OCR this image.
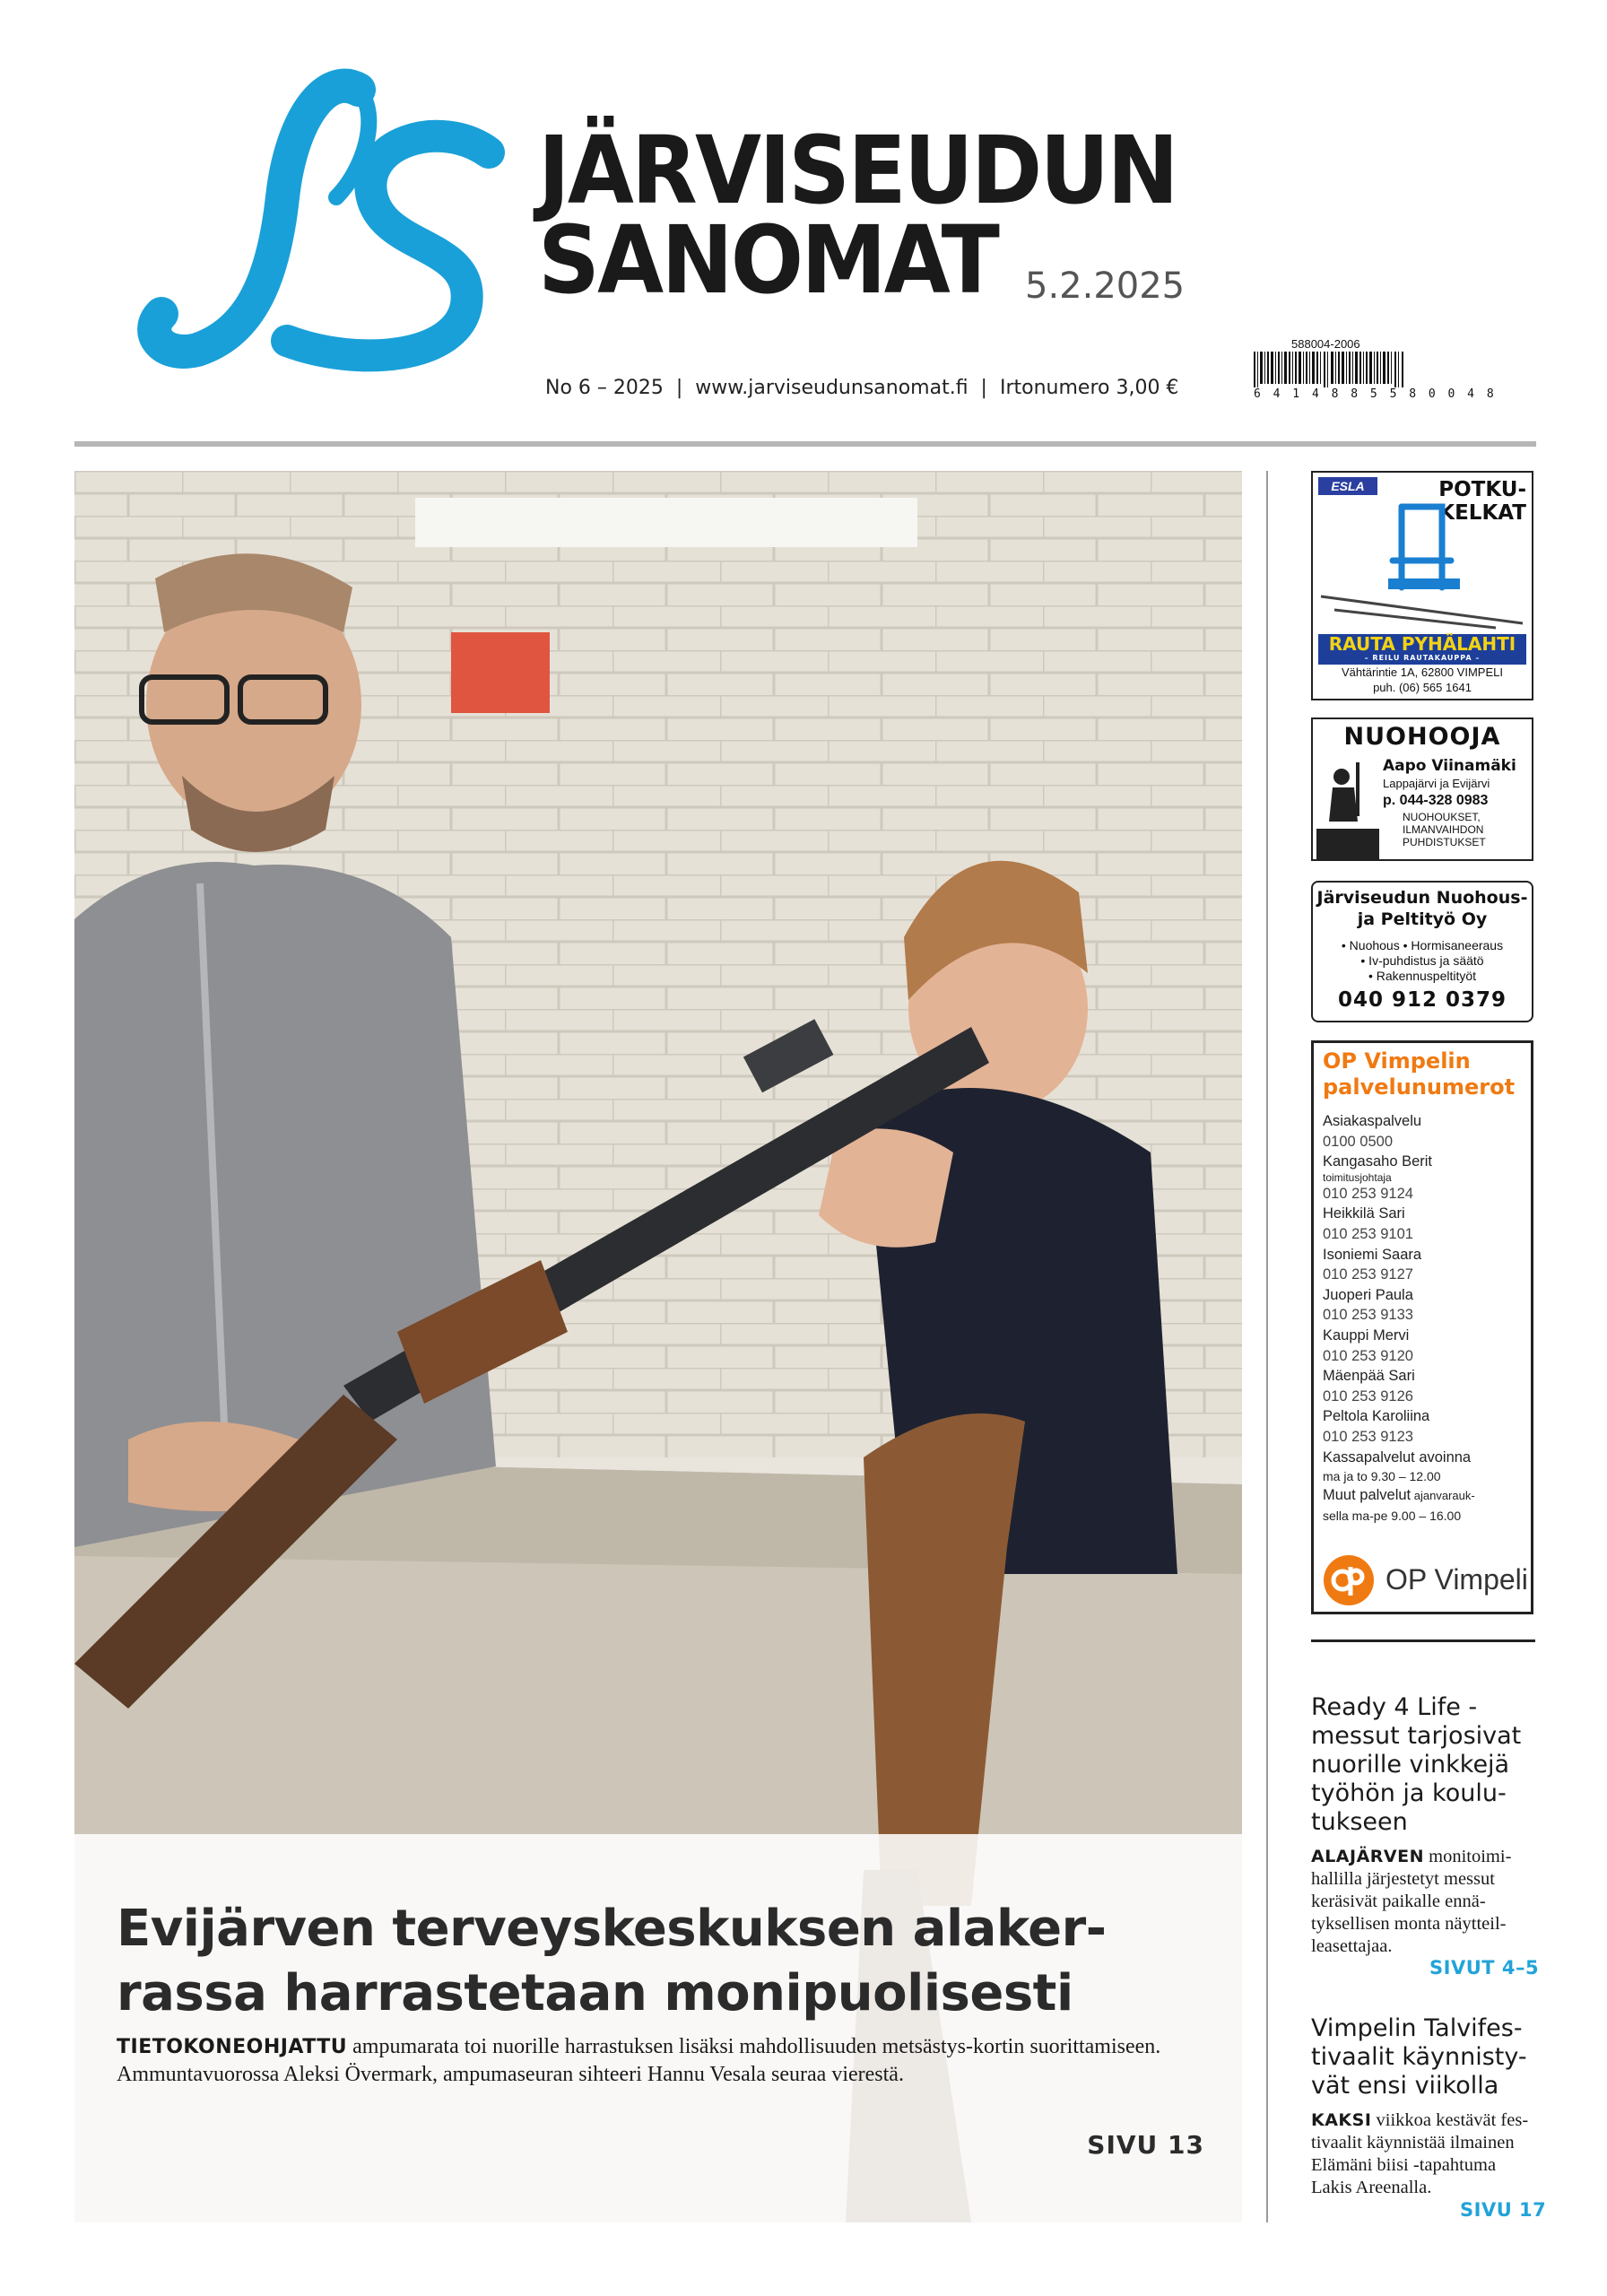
JÄRVISEUDUN
SANOMAT 5.2.2025
No 6 – 2025  |  www.jarviseudunsanomat.fi  |  Irtonumero 3,00 €
588004-2006
6 4 1 4 8 8 5 5 8 0 0 4 8
Evijärven terveyskeskuksen alaker-rassa harrastetaan monipuolisesti
TIETOKONEOHJATTU ampumarata toi nuorille harrastuksen lisäksi mahdollisuuden metsästys-kortin suorittamiseen. Ammuntavuorossa Aleksi Övermark, ampumaseuran sihteeri Hannu Vesala seuraa vierestä.
SIVU 13
ESLA	POTKU-
KELKAT
RAUTA PYHÄLAHTI
– REILU RAUTAKAUPPA –
Vähtärintie 1A, 62800 VIMPELI
puh. (06) 565 1641
NUOHOOJA
Aapo Viinamäki
Lappajärvi ja Evijärvi
p. 044-328 0983
NUOHOUKSET,
ILMANVAIHDON
PUHDISTUKSET
Järviseudun Nuohous-
ja Peltityö Oy
• Nuohous • Hormisaneeraus
• Iv-puhdistus ja säätö
• Rakennuspeltityöt
040 912 0379
OP Vimpelin
palvelunumerot
Asiakaspalvelu
0100 0500
Kangasaho Berit
toimitusjohtaja
010 253 9124
Heikkilä Sari
010 253 9101
Isoniemi Saara
010 253 9127
Juoperi Paula
010 253 9133
Kauppi Mervi
010 253 9120
Mäenpää Sari
010 253 9126
Peltola Karoliina
010 253 9123
Kassapalvelut avoinna
ma ja to 9.30 – 12.00
Muut palvelut ajanvarauk-
sella ma-pe 9.00 – 16.00
OP Vimpeli
Ready 4 Life -messut tarjosivat nuorille vinkkejä työhön ja koulu-tukseen
ALAJÄRVEN monitoimi-hallilla järjestetyt messut keräsivät paikalle ennä-tyksellisen monta näytteil-leasettajaa.
SIVUT 4–5
Vimpelin Talvifes-tivaalit käynnisty-vät ensi viikolla
KAKSI viikkoa kestävät fes-tivaalit käynnistää ilmainen Elämäni biisi -tapahtuma Lakis Areenalla.
SIVU 17
